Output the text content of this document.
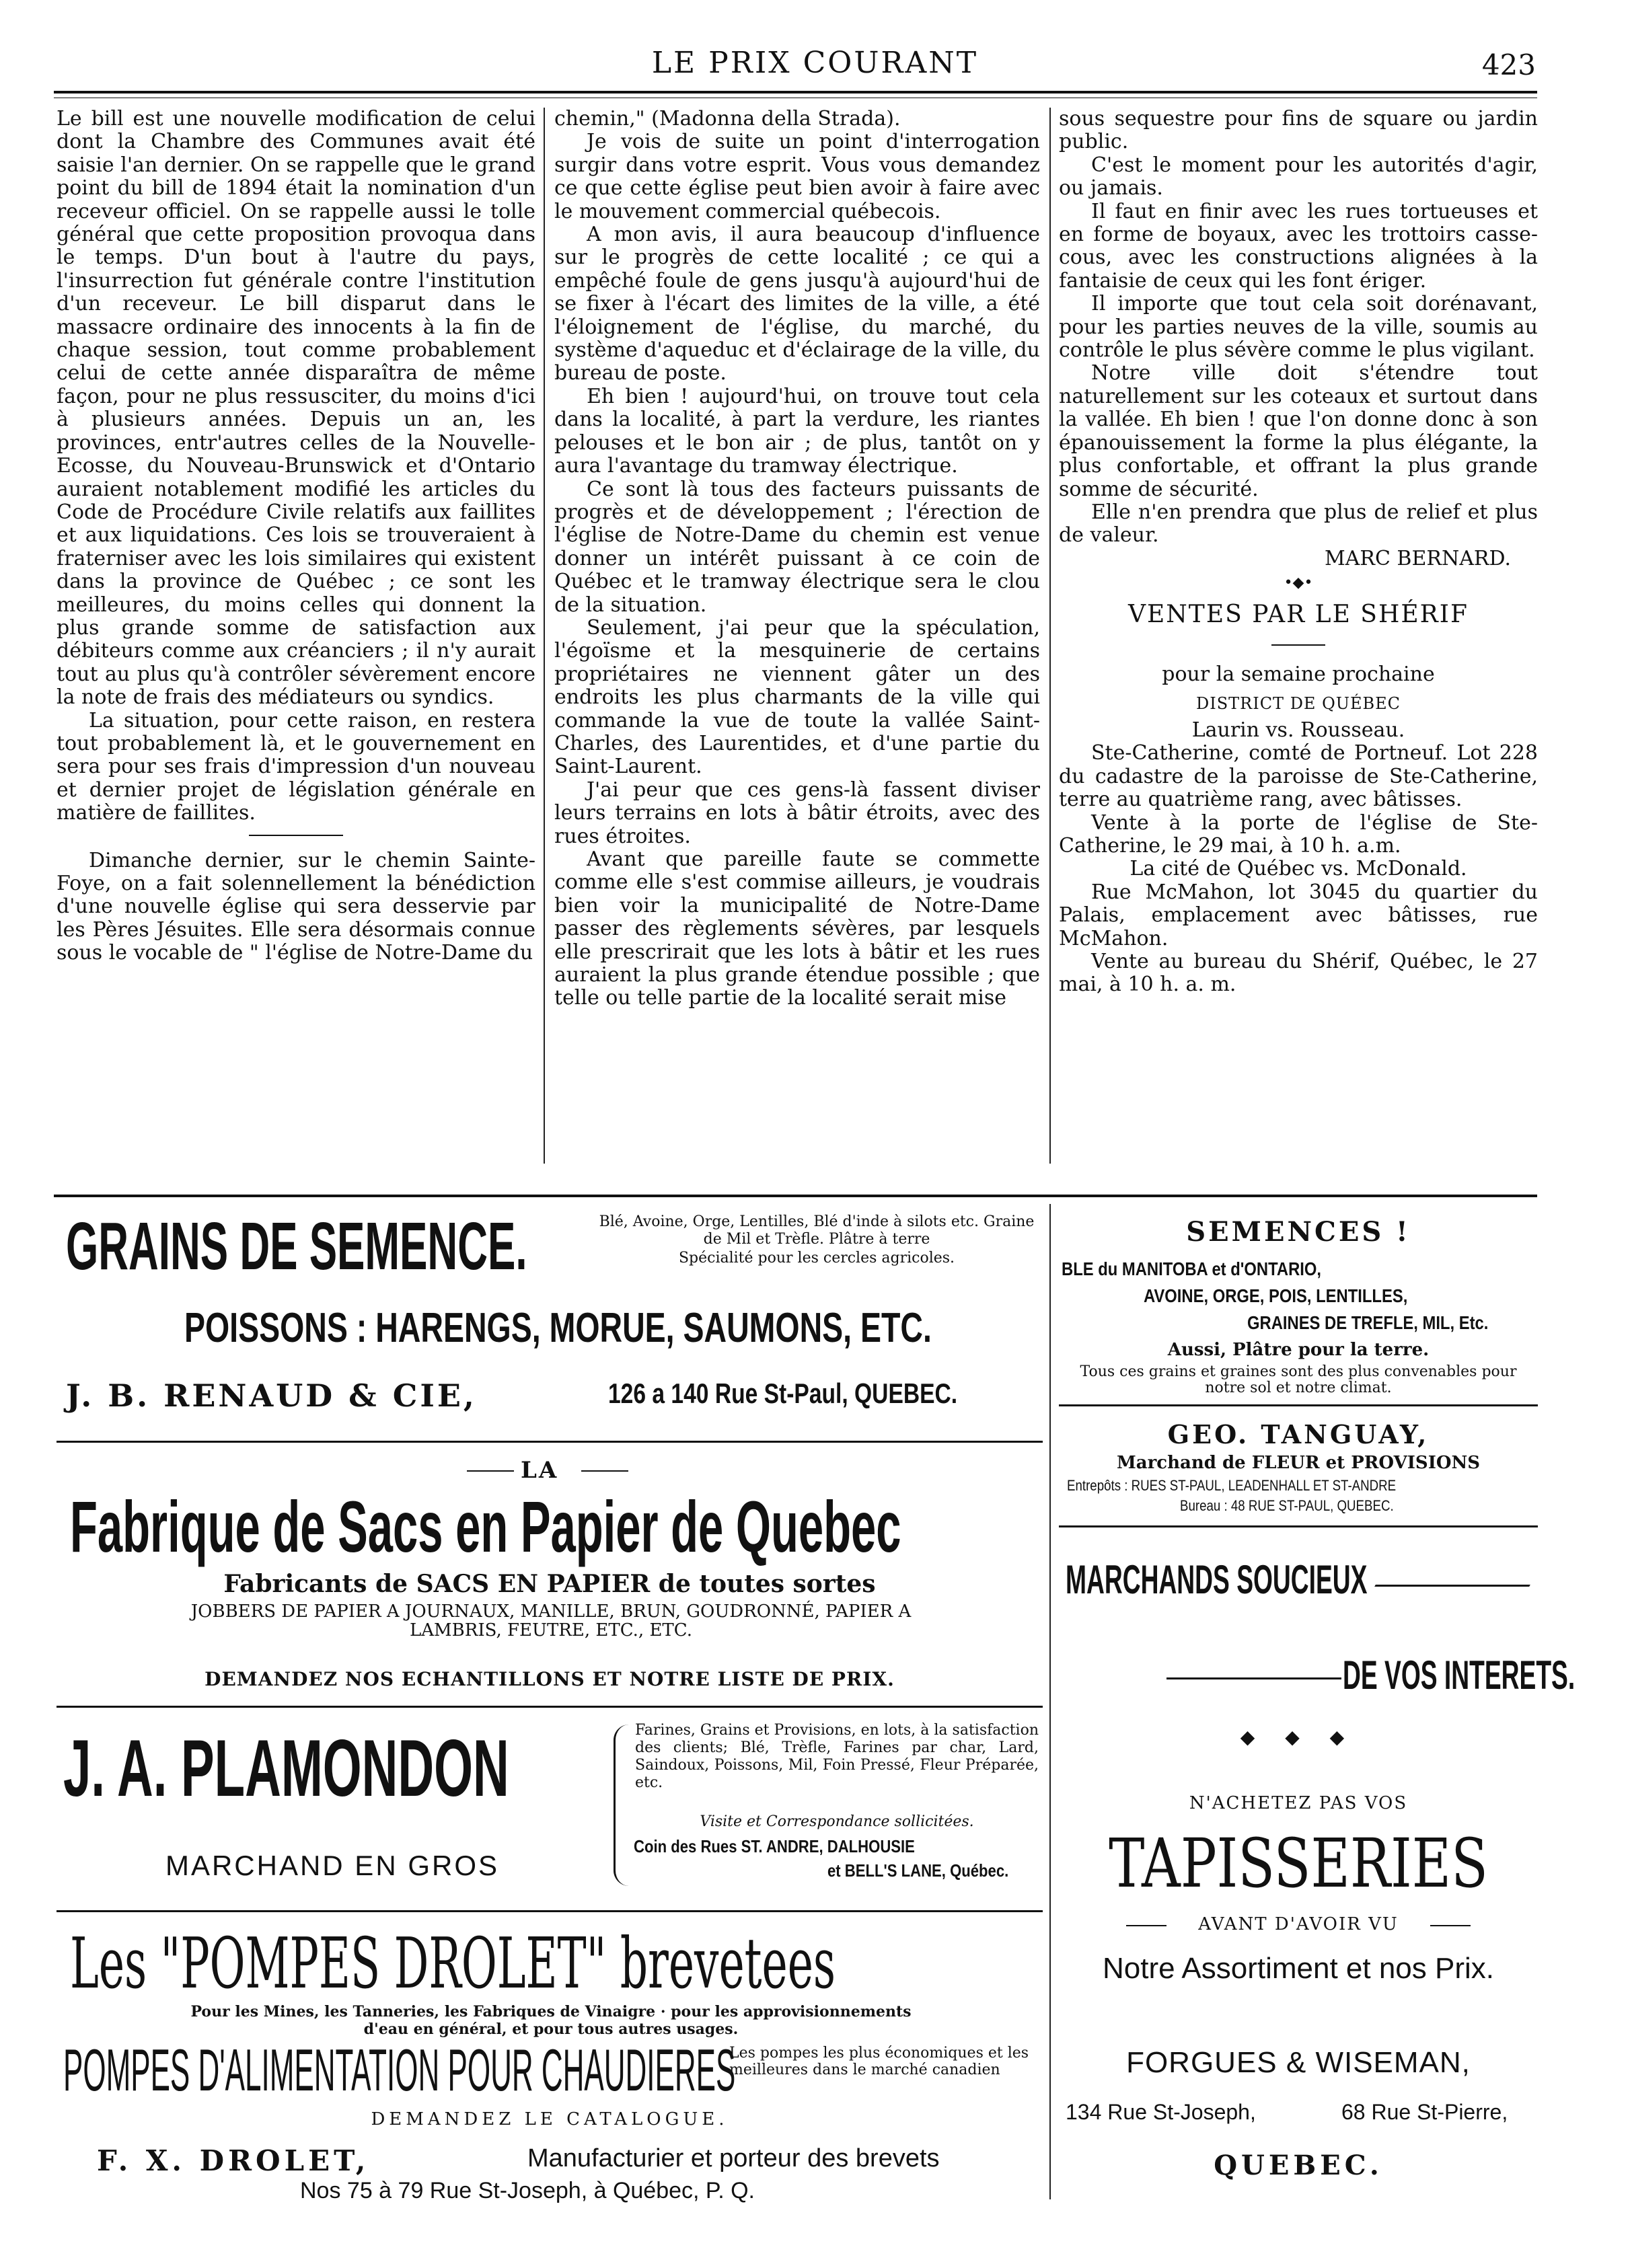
LE PRIX COURANT	423

Le bill est une nouvelle modification de celui dont la Chambre des Communes avait été saisie l'an dernier. On se rappelle que le grand point du bill de 1894 était la nomination d'un receveur officiel. On se rappelle aussi le tolle général que cette proposition provoqua dans le temps. D'un bout à l'autre du pays, l'insurrection fut générale contre l'institution d'un receveur. Le bill disparut dans le massacre ordinaire des innocents à la fin de chaque session, tout comme probablement celui de cette année disparaîtra de même façon, pour ne plus ressusciter, du moins d'ici à plusieurs années. Depuis un an, les provinces, entr'autres celles de la Nouvelle-Ecosse, du Nouveau-Brunswick et d'Ontario auraient notablement modifié les articles du Code de Procédure Civile relatifs aux faillites et aux liquidations. Ces lois se trouveraient à fraterniser avec les lois similaires qui existent dans la province de Québec ; ce sont les meilleures, du moins celles qui donnent la plus grande somme de satisfaction aux débiteurs comme aux créanciers ; il n'y aurait tout au plus qu'à contrôler sévèrement encore la note de frais des médiateurs ou syndics.

La situation, pour cette raison, en restera tout probablement là, et le gouvernement en sera pour ses frais d'impression d'un nouveau et dernier projet de législation générale en matière de faillites.

Dimanche dernier, sur le chemin Sainte-Foye, on a fait solennellement la bénédiction d'une nouvelle église qui sera desservie par les Pères Jésuites. Elle sera désormais connue sous le vocable de " l'église de Notre-Dame du

chemin," (Madonna della Strada).

Je vois de suite un point d'interrogation surgir dans votre esprit. Vous vous demandez ce que cette église peut bien avoir à faire avec le mouvement commercial québecois.

A mon avis, il aura beaucoup d'influence sur le progrès de cette localité ; ce qui a empêché foule de gens jusqu'à aujourd'hui de se fixer à l'écart des limites de la ville, a été l'éloignement de l'église, du marché, du système d'aqueduc et d'éclairage de la ville, du bureau de poste.

Eh bien ! aujourd'hui, on trouve tout cela dans la localité, à part la verdure, les riantes pelouses et le bon air ; de plus, tantôt on y aura l'avantage du tramway électrique.

Ce sont là tous des facteurs puissants de progrès et de développement ; l'érection de l'église de Notre-Dame du chemin est venue donner un intérêt puissant à ce coin de Québec et le tramway électrique sera le clou de la situation.

Seulement, j'ai peur que la spéculation, l'égoïsme et la mesquinerie de certains propriétaires ne viennent gâter un des endroits les plus charmants de la ville qui commande la vue de toute la vallée Saint-Charles, des Laurentides, et d'une partie du Saint-Laurent.

J'ai peur que ces gens-là fassent diviser leurs terrains en lots à bâtir étroits, avec des rues étroites.

Avant que pareille faute se commette comme elle s'est commise ailleurs, je voudrais bien voir la municipalité de Notre-Dame passer des règlements sévères, par lesquels elle prescrirait que les lots à bâtir et les rues auraient la plus grande étendue possible ; que telle ou telle partie de la localité serait mise

sous sequestre pour fins de square ou jardin public.

C'est le moment pour les autorités d'agir, ou jamais.

Il faut en finir avec les rues tortueuses et en forme de boyaux, avec les trottoirs casse-cous, avec les constructions alignées à la fantaisie de ceux qui les font ériger.

Il importe que tout cela soit dorénavant, pour les parties neuves de la ville, soumis au contrôle le plus sévère comme le plus vigilant.

Notre ville doit s'étendre tout naturellement sur les coteaux et surtout dans la vallée. Eh bien ! que l'on donne donc à son épanouissement la forme la plus élégante, la plus confortable, et offrant la plus grande somme de sécurité.

Elle n'en prendra que plus de relief et plus de valeur.

MARC BERNARD.
•◆•
VENTES PAR LE SHÉRIF
pour la semaine prochaine
DISTRICT DE QUÉBEC
Laurin vs. Rousseau.

Ste-Catherine, comté de Portneuf. Lot 228 du cadastre de la paroisse de Ste-Catherine, terre au quatrième rang, avec bâtisses.

Vente à la porte de l'église de Ste-Catherine, le 29 mai, à 10 h. a.m.

La cité de Québec vs. McDonald.

Rue McMahon, lot 3045 du quartier du Palais, emplacement avec bâtisses, rue McMahon.

Vente au bureau du Shérif, Québec, le 27 mai, à 10 h. a. m.

GRAINS DE SEMENCE.	Blé, Avoine, Orge, Lentilles, Blé d'inde à silots etc. Graine de Mil et Trèfle. Plâtre à terre
Spécialité pour les cercles agricoles.
POISSONS : HARENGS, MORUE, SAUMONS, ETC.
J. B. RENAUD & CIE,	126 a 140 Rue St-Paul, QUEBEC.
LA
Fabrique de Sacs en Papier de Quebec
Fabricants de SACS EN PAPIER de toutes sortes
JOBBERS DE PAPIER A JOURNAUX, MANILLE, BRUN, GOUDRONNÉ, PAPIER A LAMBRIS, FEUTRE, ETC., ETC.
DEMANDEZ NOS ECHANTILLONS ET NOTRE LISTE DE PRIX.
J. A. PLAMONDON
MARCHAND EN GROS
Farines, Grains et Provisions, en lots, à la satisfaction des clients; Blé, Trèfle, Farines par char, Lard, Saindoux, Poissons, Mil, Foin Pressé, Fleur Préparée, etc.
Visite et Correspondance sollicitées.
Coin des Rues ST. ANDRE, DALHOUSIE
et BELL'S LANE, Québec.
Les "POMPES DROLET" brevetees
Pour les Mines, les Tanneries, les Fabriques de Vinaigre · pour les approvisionnements d'eau en général, et pour tous autres usages.
POMPES D'ALIMENTATION POUR CHAUDIERES
Les pompes les plus économiques et les meilleures dans le marché canadien
DEMANDEZ LE CATALOGUE.
F. X. DROLET,	Manufacturier et porteur des brevets
Nos 75 à 79 Rue St-Joseph, à Québec, P. Q.
SEMENCES !
BLE du MANITOBA et d'ONTARIO,
AVOINE, ORGE, POIS, LENTILLES,
GRAINES DE TREFLE, MIL, Etc.
Aussi, Plâtre pour la terre.
Tous ces grains et graines sont des plus convenables pour notre sol et notre climat.
GEO. TANGUAY,
Marchand de FLEUR et PROVISIONS
Entrepôts : RUES ST-PAUL, LEADENHALL ET ST-ANDRE
Bureau : 48 RUE ST-PAUL, QUEBEC.
MARCHANDS SOUCIEUX
DE VOS INTERETS.
◆ ◆ ◆
N'ACHETEZ PAS VOS
TAPISSERIES
AVANT D'AVOIR VU
Notre Assortiment et nos Prix.
FORGUES & WISEMAN,
134 Rue St-Joseph,	68 Rue St-Pierre,
QUEBEC.
